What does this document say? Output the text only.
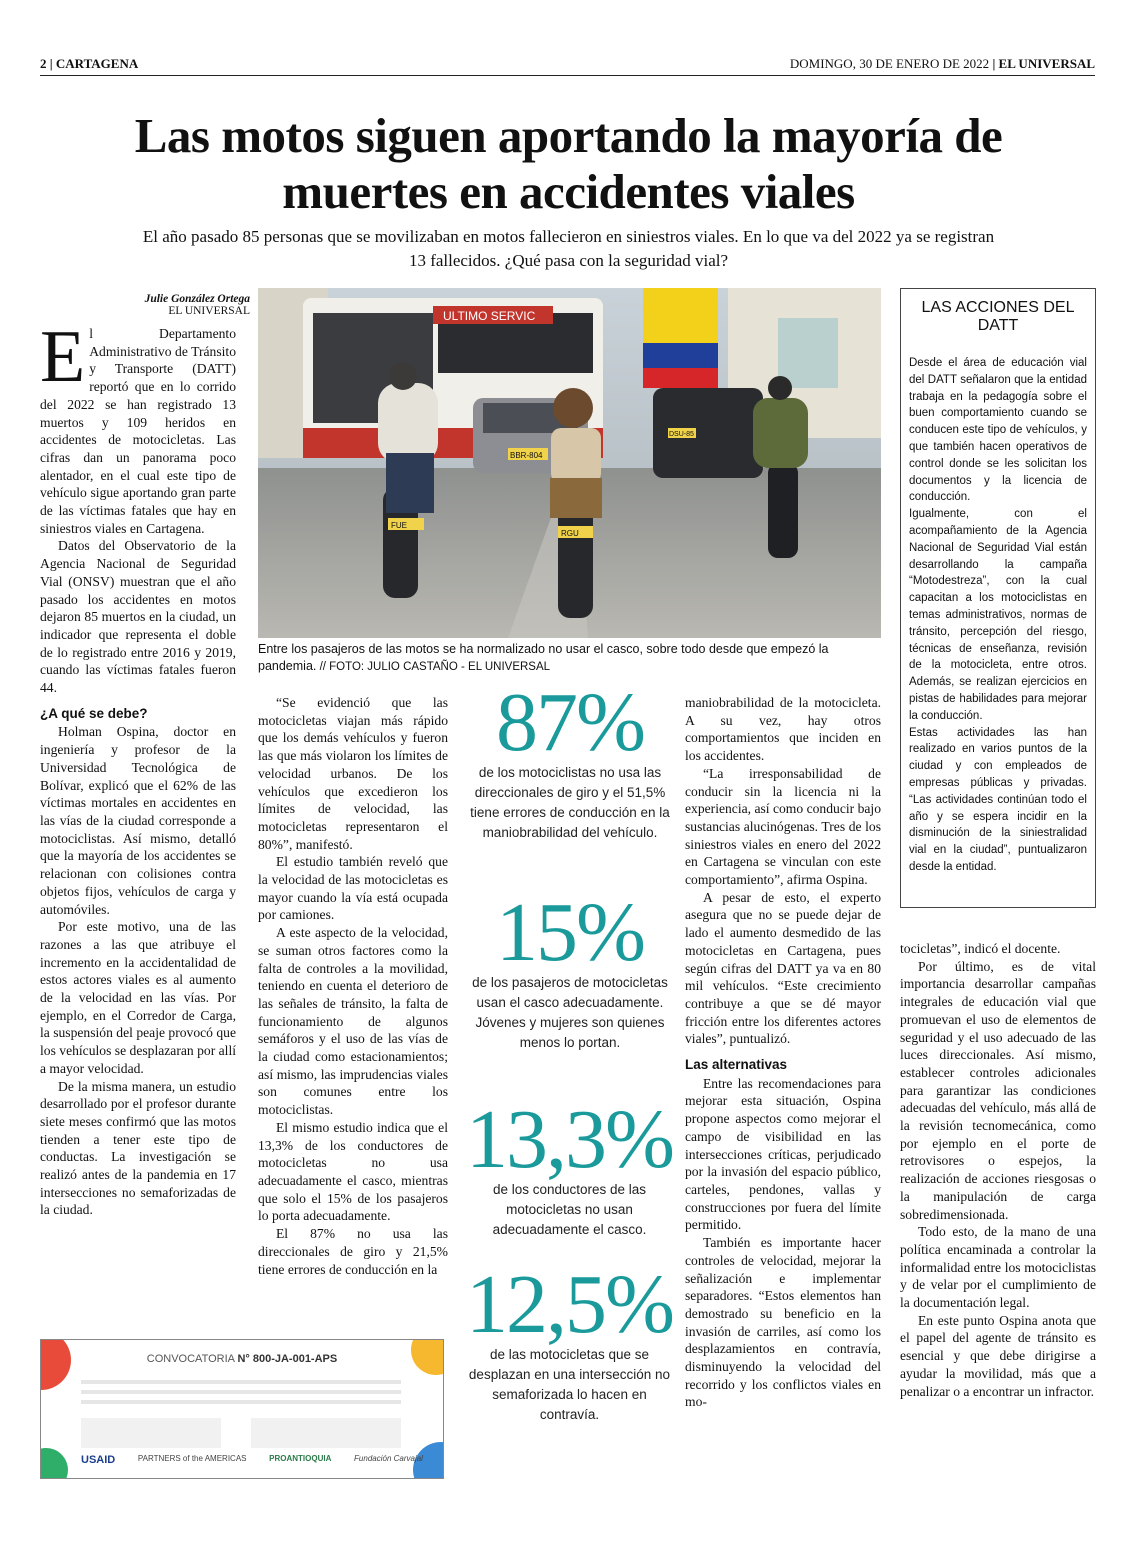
2 | CARTAGENA	DOMINGO, 30 DE ENERO DE 2022 | EL UNIVERSAL
Las motos siguen aportando la mayoría de muertes en accidentes viales
El año pasado 85 personas que se movilizaban en motos fallecieron en siniestros viales. En lo que va del 2022 ya se registran 13 fallecidos. ¿Qué pasa con la seguridad vial?
Julie González Ortega
EL UNIVERSAL

El Departamento Administrativo de Tránsito y Transporte (DATT) reportó que en lo corrido del 2022 se han registrado 13 muertos y 109 heridos en accidentes de motocicletas. Las cifras dan un panorama poco alentador, en el cual este tipo de vehículo sigue aportando gran parte de las víctimas fatales que hay en siniestros viales en Cartagena.

Datos del Observatorio de la Agencia Nacional de Seguridad Vial (ONSV) muestran que el año pasado los accidentes en motos dejaron 85 muertos en la ciudad, un indicador que representa el doble de lo registrado entre 2016 y 2019, cuando las víctimas fatales fueron 44.

¿A qué se debe?

Holman Ospina, doctor en ingeniería y profesor de la Universidad Tecnológica de Bolívar, explicó que el 62% de las víctimas mortales en accidentes en las vías de la ciudad corresponde a motociclistas. Así mismo, detalló que la mayoría de los accidentes se relacionan con colisiones contra objetos fijos, vehículos de carga y automóviles.

Por este motivo, una de las razones a las que atribuye el incremento en la accidentalidad de estos actores viales es al aumento de la velocidad en las vías. Por ejemplo, en el Corredor de Carga, la suspensión del peaje provocó que los vehículos se desplazaran por allí a mayor velocidad.

De la misma manera, un estudio desarrollado por el profesor durante siete meses confirmó que las motos tienden a tener este tipo de conductas. La investigación se realizó antes de la pandemia en 17 intersecciones no semaforizadas de la ciudad.

ULTIMO SERVIC
BBR-804
DSU-85
FUE
RGU
Entre los pasajeros de las motos se ha normalizado no usar el casco, sobre todo desde que empezó la pandemia. // FOTO: JULIO CASTAÑO - EL UNIVERSAL

“Se evidenció que las motocicletas viajan más rápido que los demás vehículos y fueron las que más violaron los límites de velocidad urbanos. De los vehículos que excedieron los límites de velocidad, las motocicletas representaron el 80%”, manifestó.

El estudio también reveló que la velocidad de las motocicletas es mayor cuando la vía está ocupada por camiones.

A este aspecto de la velocidad, se suman otros factores como la falta de controles a la movilidad, teniendo en cuenta el deterioro de las señales de tránsito, la falta de funcionamiento de algunos semáforos y el uso de las vías de la ciudad como estacionamientos; así mismo, las imprudencias viales son comunes entre los motociclistas.

El mismo estudio indica que el 13,3% de los conductores de motocicletas no usa adecuadamente el casco, mientras que solo el 15% de los pasajeros lo porta adecuadamente.

El 87% no usa las direccionales de giro y 21,5% tiene errores de conducción en la

87%
de los motociclistas no usa las direccionales de giro y el 51,5% tiene errores de conducción en la maniobrabilidad del vehículo.
15%
de los pasajeros de motocicletas usan el casco adecuadamente. Jóvenes y mujeres son quienes menos lo portan.
13,3%
de los conductores de las motocicletas no usan adecuadamente el casco.
12,5%
de las motocicletas que se desplazan en una intersección no semaforizada lo hacen en contravía.

maniobrabilidad de la motocicleta. A su vez, hay otros comportamientos que inciden en los accidentes.

“La irresponsabilidad de conducir sin la licencia ni la experiencia, así como conducir bajo sustancias alucinógenas. Tres de los siniestros viales en enero del 2022 en Cartagena se vinculan con este comportamiento”, afirma Ospina.

A pesar de esto, el experto asegura que no se puede dejar de lado el aumento desmedido de las motocicletas en Cartagena, pues según cifras del DATT ya va en 80 mil vehículos. “Este crecimiento contribuye a que se dé mayor fricción entre los diferentes actores viales”, puntualizó.

Las alternativas

Entre las recomendaciones para mejorar esta situación, Ospina propone aspectos como mejorar el campo de visibilidad en las intersecciones críticas, perjudicado por la invasión del espacio público, carteles, pendones, vallas y construcciones por fuera del límite permitido.

También es importante hacer controles de velocidad, mejorar la señalización e implementar separadores. “Estos elementos han demostrado su beneficio en la invasión de carriles, así como los desplazamientos en contravía, disminuyendo la velocidad del recorrido y los conflictos viales en mo-

LAS ACCIONES DEL DATT

Desde el área de educación vial del DATT señalaron que la entidad trabaja en la pedagogía sobre el buen comportamiento cuando se conducen este tipo de vehículos, y que también hacen operativos de control donde se les solicitan los documentos y la licencia de conducción.

Igualmente, con el acompañamiento de la Agencia Nacional de Seguridad Vial están desarrollando la campaña “Motodestreza”, con la cual capacitan a los motociclistas en temas administrativos, normas de tránsito, percepción del riesgo, técnicas de enseñanza, revisión de la motocicleta, entre otros. Además, se realizan ejercicios en pistas de habilidades para mejorar la conducción.

Estas actividades las han realizado en varios puntos de la ciudad y con empleados de empresas públicas y privadas. “Las actividades continúan todo el año y se espera incidir en la disminución de la siniestralidad vial en la ciudad”, puntualizaron desde la entidad.

tocicletas”, indicó el docente.

Por último, es de vital importancia desarrollar campañas integrales de educación vial que promuevan el uso de elementos de seguridad y el uso adecuado de las luces direccionales. Así mismo, establecer controles adicionales para garantizar las condiciones adecuadas del vehículo, más allá de la revisión tecnomecánica, como por ejemplo en el porte de retrovisores o espejos, la realización de acciones riesgosas o la manipulación de carga sobredimensionada.

Todo esto, de la mano de una política encaminada a controlar la informalidad entre los motociclistas y de velar por el cumplimiento de la documentación legal.

En este punto Ospina anota que el papel del agente de tránsito es esencial y que debe dirigirse a ayudar la movilidad, más que a penalizar o a encontrar un infractor.

CONVOCATORIA N° 800-JA-001-APS
USAID	PARTNERS of the AMERICAS	PROANTIOQUIA	Fundación Carvajal
